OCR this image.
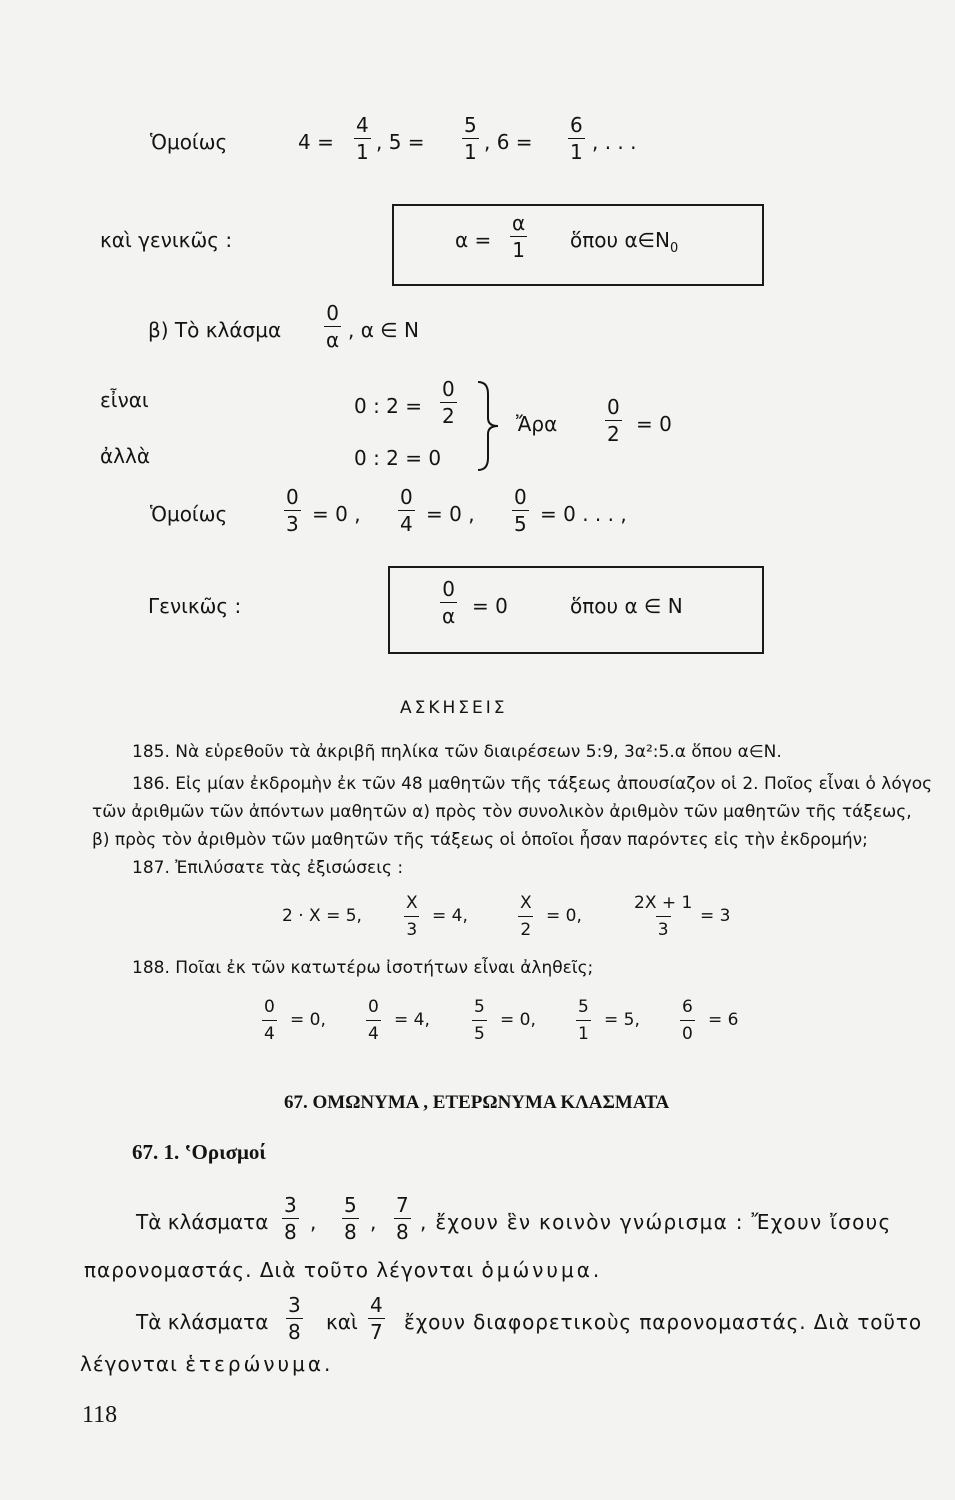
Ὁμοίως	$4 = \frac{4}{1}$ , $5 = \frac{5}{1}$ , $6 = \frac{6}{1}$ , . . .
καὶ γενικῶς :	$\alpha = \frac{\alpha}{1}$ ὅπου $\alpha\in N_0$
β) Τὸ κλάσμα $\frac{0}{\alpha}$ , α ∈ N
εἶναι	0 : $2 = \frac{0}{2}$
ἀλλὰ	0 : 2 = 0
Ἄρα $\frac{0}{2} = 0$
Ὁμοίως	$\frac{0}{3} = 0$ , $\frac{0}{4} = 0$ , $\frac{0}{5} = 0$ . . . ,
Γενικῶς :	$\frac{0}{\alpha} = 0$	ὅπου α ∈ N
ΑΣΚΗΣΕΙΣ
185. Νὰ εὑρεθοῦν τὰ ἀκριβῆ πηλίκα τῶν διαιρέσεων 5:9, 3α²:5.α ὅπου α∈N.
186. Εἰς μίαν ἐκδρομὴν ἐκ τῶν 48 μαθητῶν τῆς τάξεως ἀπουσίαζον οἱ 2. Ποῖος εἶναι ὁ λόγος
τῶν ἀριθμῶν τῶν ἀπόντων μαθητῶν α) πρὸς τὸν συνολικὸν ἀριθμὸν τῶν μαθητῶν τῆς τάξεως,
β) πρὸς τὸν ἀριθμὸν τῶν μαθητῶν τῆς τάξεως οἱ ὁποῖοι ἦσαν παρόντες εἰς τὴν ἐκδρομήν;
187. Ἐπιλύσατε τὰς ἐξισώσεις :
2 · X = 5, $\frac{X}{3} = 4$,	$\frac{X}{2} = 0$,	$\frac{2X + 1}{3} = 3$
188. Ποῖαι ἐκ τῶν κατωτέρω ἰσοτήτων εἶναι ἀληθεῖς;
$\frac{0}{4} = 0$, $\frac{0}{4} = 4$, $\frac{5}{5} = 0$, $\frac{5}{1} = 5$, $\frac{6}{0} = 6$
67. ΟΜΩΝΥΜΑ , ΕΤΕΡΩΝΥΜΑ ΚΛΑΣΜΑΤΑ
67. 1. ʽΟρισμοί
Τὰ κλάσματα $\frac{3}{8}$ , $\frac{5}{8}$ , $\frac{7}{8}$ , ἔχουν ἓν κοινὸν γνώρισμα : Ἔχουν ἴσους
παρονομαστάς. Διὰ τοῦτο λέγονται ὁμώνυμα.
Τὰ κλάσματα $\frac{3}{8}$ καὶ $\frac{4}{7}$ ἔχουν διαφορετικοὺς παρονομαστάς. Διὰ τοῦτο
λέγονται ἑτερώνυμα.
118
